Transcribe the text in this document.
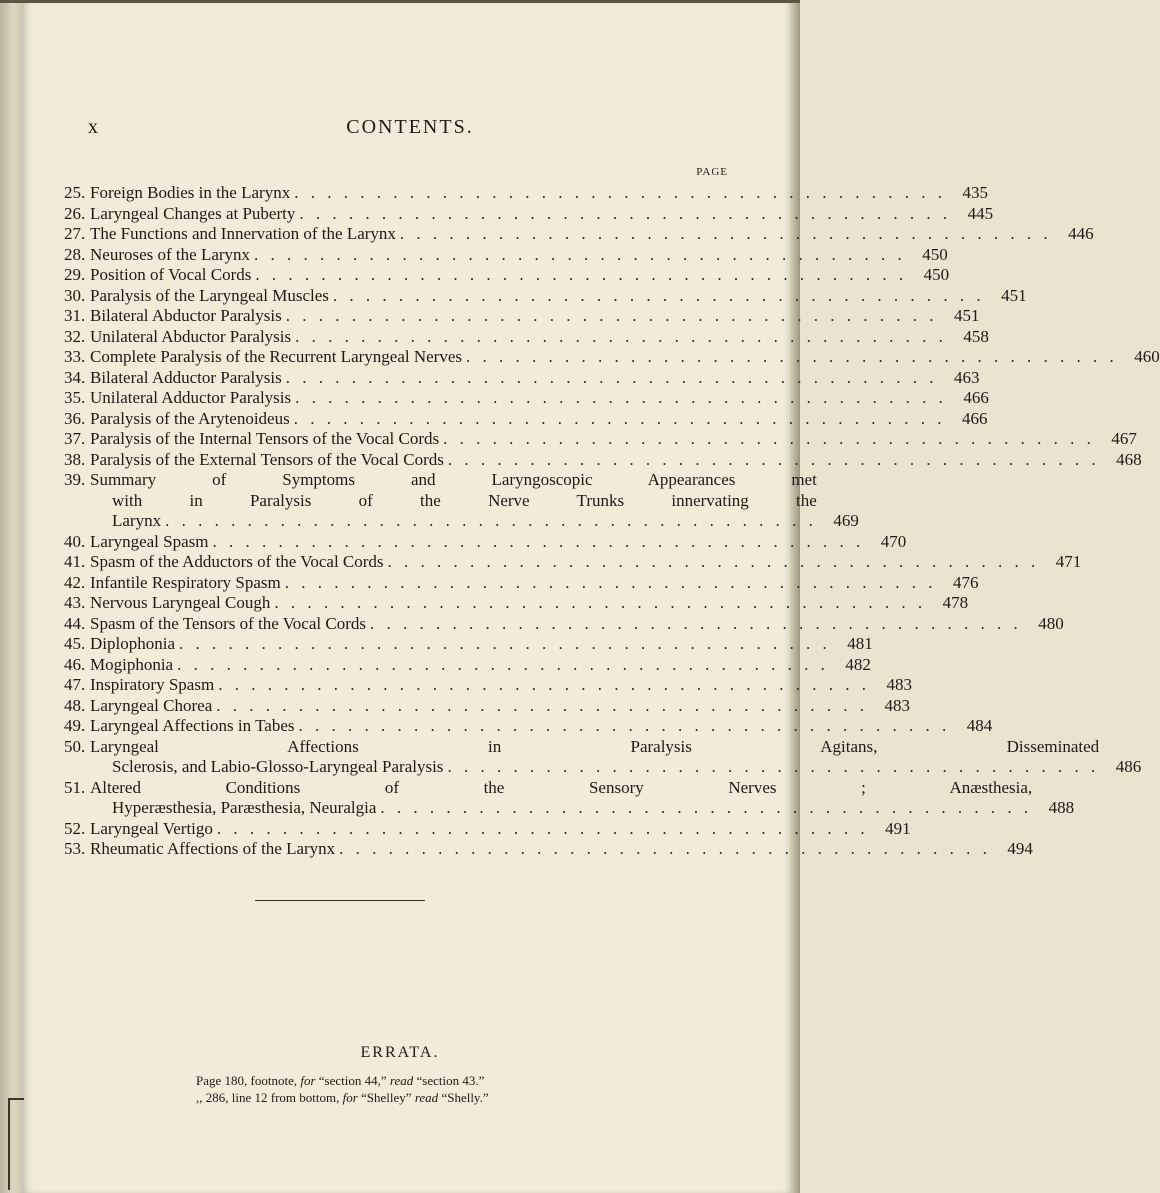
x	CONTENTS.
PAGE
25. Foreign Bodies in the Larynx . . . . . . . . . . . . . . . . . . . . . . . . . . . . . . . . . . . . . . . . 435
26. Laryngeal Changes at Puberty . . . . . . . . . . . . . . . . . . . . . . . . . . . . . . . . . . . . . . . . 445
27. The Functions and Innervation of the Larynx . . . . . . . . . . . . . . . . . . . . . . . . . . . . . . . . . . . . . . . . 446
28. Neuroses of the Larynx . . . . . . . . . . . . . . . . . . . . . . . . . . . . . . . . . . . . . . . . 450
29. Position of Vocal Cords . . . . . . . . . . . . . . . . . . . . . . . . . . . . . . . . . . . . . . . . 450
30. Paralysis of the Laryngeal Muscles . . . . . . . . . . . . . . . . . . . . . . . . . . . . . . . . . . . . . . . . 451
31. Bilateral Abductor Paralysis . . . . . . . . . . . . . . . . . . . . . . . . . . . . . . . . . . . . . . . . 451
32. Unilateral Abductor Paralysis . . . . . . . . . . . . . . . . . . . . . . . . . . . . . . . . . . . . . . . . 458
33. Complete Paralysis of the Recurrent Laryngeal Nerves . . . . . . . . . . . . . . . . . . . . . . . . . . . . . . . . . . . . . . . . 460
34. Bilateral Adductor Paralysis . . . . . . . . . . . . . . . . . . . . . . . . . . . . . . . . . . . . . . . . 463
35. Unilateral Adductor Paralysis . . . . . . . . . . . . . . . . . . . . . . . . . . . . . . . . . . . . . . . . 466
36. Paralysis of the Arytenoideus . . . . . . . . . . . . . . . . . . . . . . . . . . . . . . . . . . . . . . . . 466
37. Paralysis of the Internal Tensors of the Vocal Cords . . . . . . . . . . . . . . . . . . . . . . . . . . . . . . . . . . . . . . . . 467
38. Paralysis of the External Tensors of the Vocal Cords . . . . . . . . . . . . . . . . . . . . . . . . . . . . . . . . . . . . . . . . 468
39. Summary of Symptoms and Laryngoscopic Appearances met
with in Paralysis of the Nerve Trunks innervating the
Larynx . . . . . . . . . . . . . . . . . . . . . . . . . . . . . . . . . . . . . . . . 469
40. Laryngeal Spasm . . . . . . . . . . . . . . . . . . . . . . . . . . . . . . . . . . . . . . . . 470
41. Spasm of the Adductors of the Vocal Cords . . . . . . . . . . . . . . . . . . . . . . . . . . . . . . . . . . . . . . . . 471
42. Infantile Respiratory Spasm . . . . . . . . . . . . . . . . . . . . . . . . . . . . . . . . . . . . . . . . 476
43. Nervous Laryngeal Cough . . . . . . . . . . . . . . . . . . . . . . . . . . . . . . . . . . . . . . . . 478
44. Spasm of the Tensors of the Vocal Cords . . . . . . . . . . . . . . . . . . . . . . . . . . . . . . . . . . . . . . . . 480
45. Diplophonia . . . . . . . . . . . . . . . . . . . . . . . . . . . . . . . . . . . . . . . . 481
46. Mogiphonia . . . . . . . . . . . . . . . . . . . . . . . . . . . . . . . . . . . . . . . . 482
47. Inspiratory Spasm . . . . . . . . . . . . . . . . . . . . . . . . . . . . . . . . . . . . . . . . 483
48. Laryngeal Chorea . . . . . . . . . . . . . . . . . . . . . . . . . . . . . . . . . . . . . . . . 483
49. Laryngeal Affections in Tabes . . . . . . . . . . . . . . . . . . . . . . . . . . . . . . . . . . . . . . . . 484
50. Laryngeal Affections in Paralysis Agitans, Disseminated
Sclerosis, and Labio-Glosso-Laryngeal Paralysis . . . . . . . . . . . . . . . . . . . . . . . . . . . . . . . . . . . . . . . . 486
51. Altered Conditions of the Sensory Nerves ; Anæsthesia,
Hyperæsthesia, Paræsthesia, Neuralgia . . . . . . . . . . . . . . . . . . . . . . . . . . . . . . . . . . . . . . . . 488
52. Laryngeal Vertigo . . . . . . . . . . . . . . . . . . . . . . . . . . . . . . . . . . . . . . . . 491
53. Rheumatic Affections of the Larynx . . . . . . . . . . . . . . . . . . . . . . . . . . . . . . . . . . . . . . . . 494
ERRATA.
Page 180, footnote, for “section 44,” read “section 43.”
,, 286, line 12 from bottom, for “Shelley” read “Shelly.”
